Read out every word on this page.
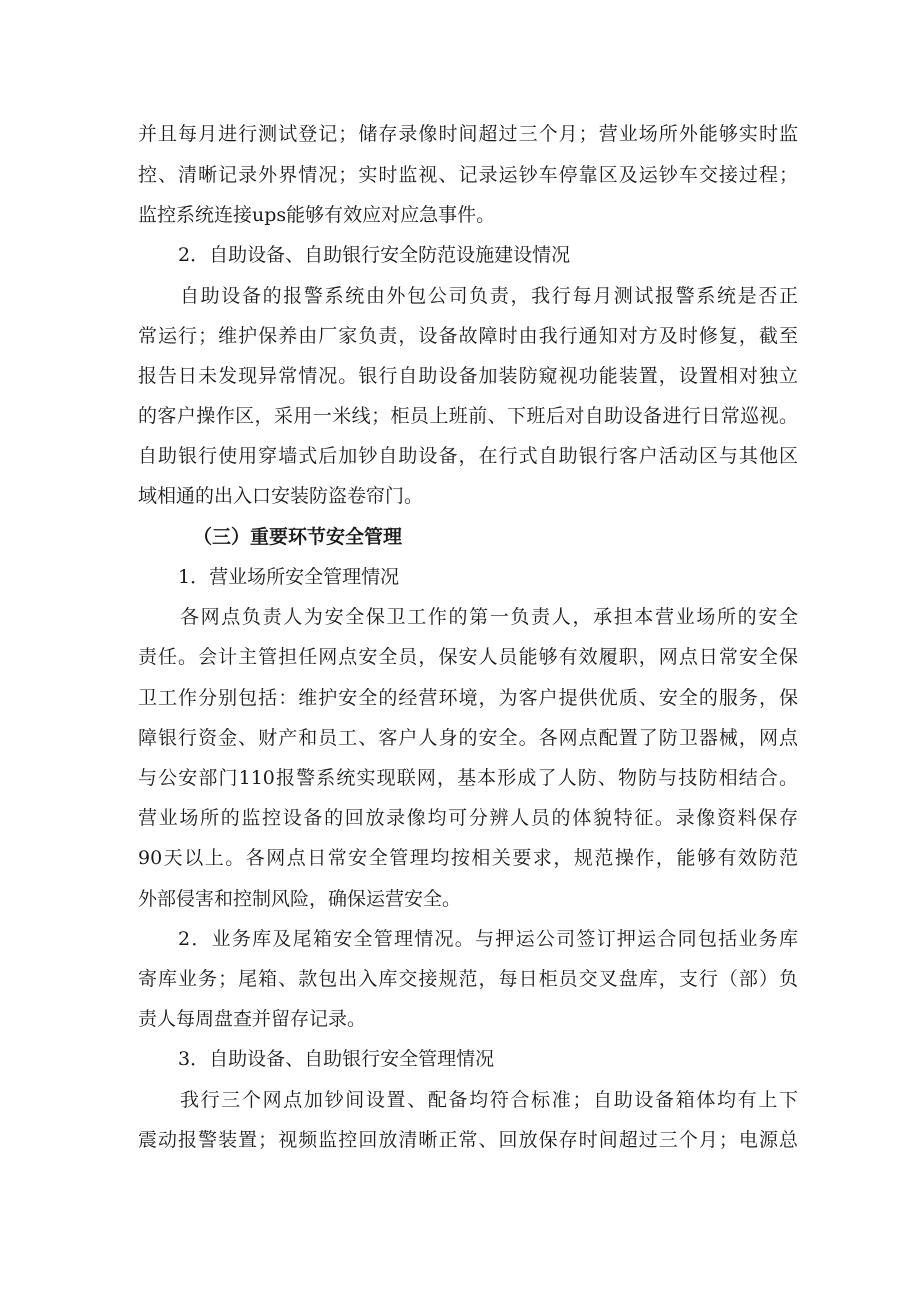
并且每月进行测试登记；储存录像时间超过三个月；营业场所外能够实时监
控、清晰记录外界情况；实时监视、记录运钞车停靠区及运钞车交接过程；
监控系统连接ups能够有效应对应急事件。
2．自助设备、自助银行安全防范设施建设情况
自助设备的报警系统由外包公司负责，我行每月测试报警系统是否正
常运行；维护保养由厂家负责，设备故障时由我行通知对方及时修复，截至
报告日未发现异常情况。银行自助设备加装防窥视功能装置，设置相对独立
的客户操作区，采用一米线；柜员上班前、下班后对自助设备进行日常巡视。
自助银行使用穿墙式后加钞自助设备，在行式自助银行客户活动区与其他区
域相通的出入口安装防盗卷帘门。
（三）重要环节安全管理
1．营业场所安全管理情况
各网点负责人为安全保卫工作的第一负责人，承担本营业场所的安全
责任。会计主管担任网点安全员，保安人员能够有效履职，网点日常安全保
卫工作分别包括：维护安全的经营环境，为客户提供优质、安全的服务，保
障银行资金、财产和员工、客户人身的安全。各网点配置了防卫器械，网点
与公安部门110报警系统实现联网，基本形成了人防、物防与技防相结合。
营业场所的监控设备的回放录像均可分辨人员的体貌特征。录像资料保存
90天以上。各网点日常安全管理均按相关要求，规范操作，能够有效防范
外部侵害和控制风险，确保运营安全。
2．业务库及尾箱安全管理情况。与押运公司签订押运合同包括业务库
寄库业务；尾箱、款包出入库交接规范，每日柜员交叉盘库，支行（部）负
责人每周盘查并留存记录。
3．自助设备、自助银行安全管理情况
我行三个网点加钞间设置、配备均符合标准；自助设备箱体均有上下
震动报警装置；视频监控回放清晰正常、回放保存时间超过三个月；电源总
